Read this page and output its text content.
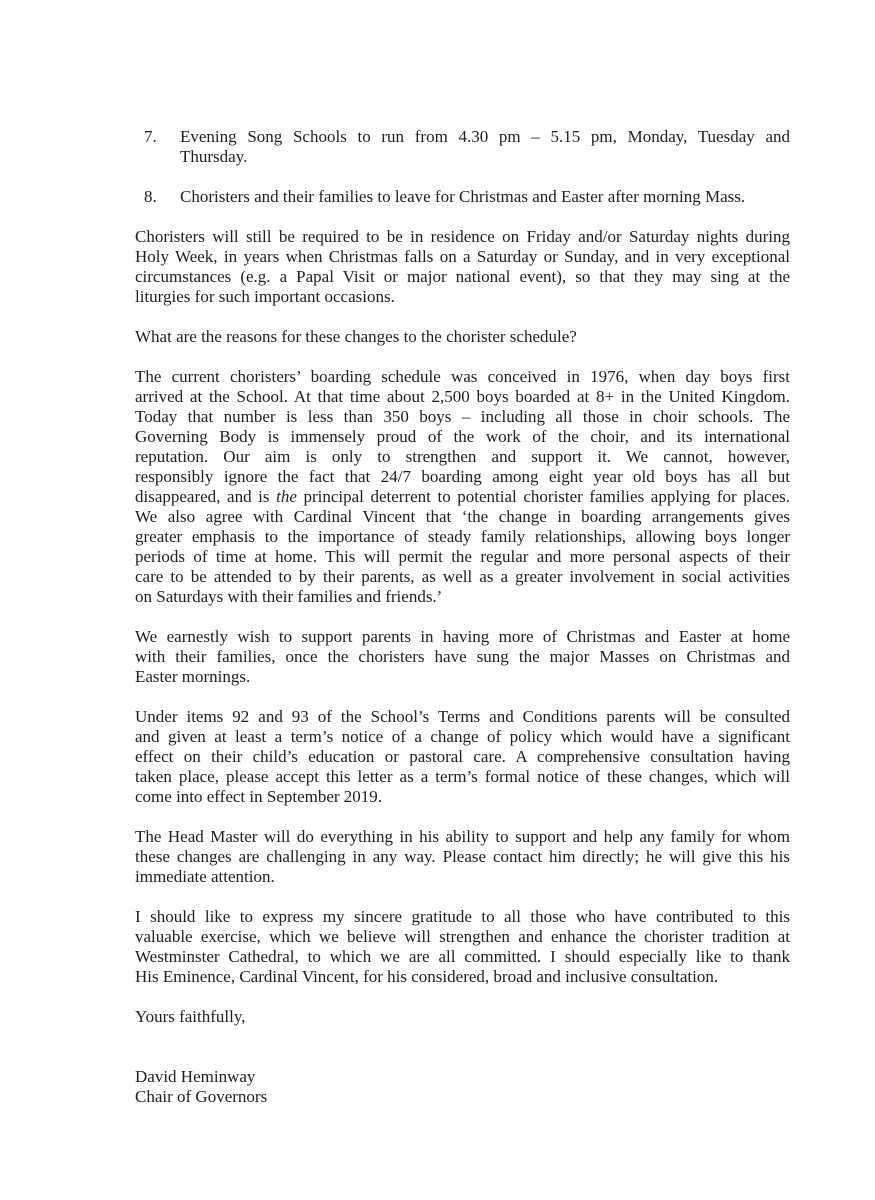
7. Evening Song Schools to run from 4.30 pm – 5.15 pm, Monday, Tuesday and
Thursday.
8. Choristers and their families to leave for Christmas and Easter after morning Mass.
Choristers will still be required to be in residence on Friday and/or Saturday nights during
Holy Week, in years when Christmas falls on a Saturday or Sunday, and in very exceptional
circumstances (e.g. a Papal Visit or major national event), so that they may sing at the
liturgies for such important occasions.
What are the reasons for these changes to the chorister schedule?
The current choristers’ boarding schedule was conceived in 1976, when day boys first
arrived at the School. At that time about 2,500 boys boarded at 8+ in the United Kingdom.
Today that number is less than 350 boys – including all those in choir schools. The
Governing Body is immensely proud of the work of the choir, and its international
reputation. Our aim is only to strengthen and support it. We cannot, however,
responsibly ignore the fact that 24/7 boarding among eight year old boys has all but
disappeared, and is the principal deterrent to potential chorister families applying for places.
We also agree with Cardinal Vincent that ‘the change in boarding arrangements gives
greater emphasis to the importance of steady family relationships, allowing boys longer
periods of time at home. This will permit the regular and more personal aspects of their
care to be attended to by their parents, as well as a greater involvement in social activities
on Saturdays with their families and friends.’
We earnestly wish to support parents in having more of Christmas and Easter at home
with their families, once the choristers have sung the major Masses on Christmas and
Easter mornings.
Under items 92 and 93 of the School’s Terms and Conditions parents will be consulted
and given at least a term’s notice of a change of policy which would have a significant
effect on their child’s education or pastoral care. A comprehensive consultation having
taken place, please accept this letter as a term’s formal notice of these changes, which will
come into effect in September 2019.
The Head Master will do everything in his ability to support and help any family for whom
these changes are challenging in any way. Please contact him directly; he will give this his
immediate attention.
I should like to express my sincere gratitude to all those who have contributed to this
valuable exercise, which we believe will strengthen and enhance the chorister tradition at
Westminster Cathedral, to which we are all committed. I should especially like to thank
His Eminence, Cardinal Vincent, for his considered, broad and inclusive consultation.
Yours faithfully,
David Heminway
Chair of Governors
